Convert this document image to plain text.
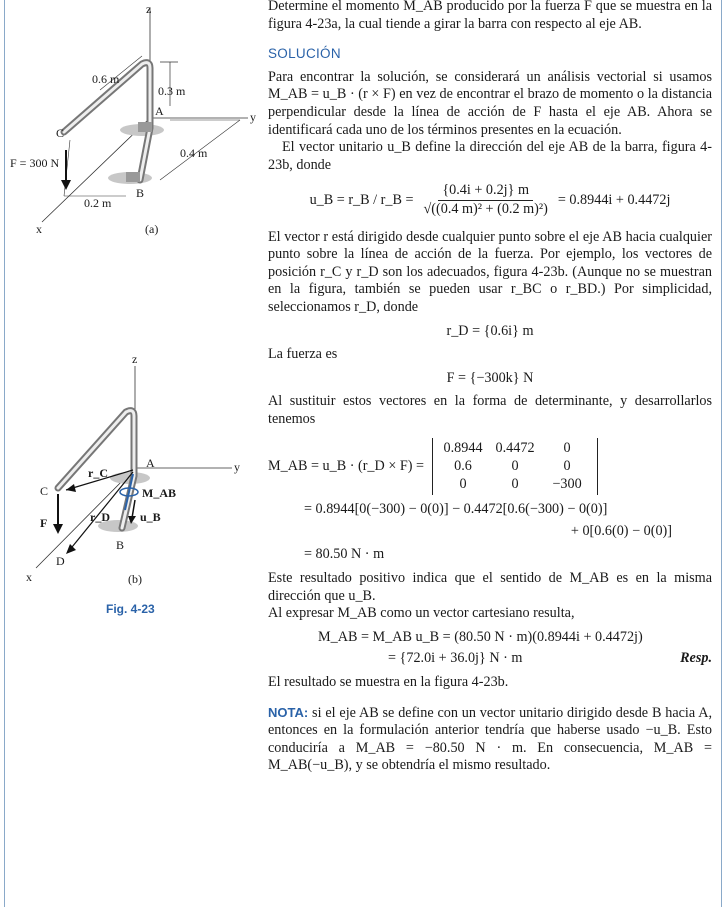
z
y
x
A
B
C
0.6 m
0.3 m
0.4 m
0.2 m
F = 300 N
(a)
z
y
x
A
B
C
D
r_C
r_D
M_AB
u_B
F
(b)
Fig. 4-23

Determine el momento M_AB producido por la fuerza F que se muestra en la figura 4-23a, la cual tiende a girar la barra con respecto al eje AB.

SOLUCIÓN

Para encontrar la solución, se considerará un análisis vectorial si usamos M_AB = u_B · (r × F) en vez de encontrar el brazo de momento o la distancia perpendicular desde la línea de acción de F hasta el eje AB. Ahora se identificará cada uno de los términos presentes en la ecuación.

El vector unitario u_B define la dirección del eje AB de la barra, figura 4-23b, donde

u_B = r_B / r_B = $\frac{\{0.4i + 0.2j\} m}{\text{√((0.4 m)² + (0.2 m)²)}} = 0.8944i + 0.4472j$

El vector r está dirigido desde cualquier punto sobre el eje AB hacia cualquier punto sobre la línea de acción de la fuerza. Por ejemplo, los vectores de posición r_C y r_D son los adecuados, figura 4-23b. (Aunque no se muestran en la figura, también se pueden usar r_BC o r_BD.) Por simplicidad, seleccionamos r_D, donde

r_D = {0.6i} m

La fuerza es

F = {−300k} N

Al sustituir estos vectores en la forma de determinante, y desarrollarlos tenemos

M_AB = u_B · (r_D × F) =
0.8944 0.4472	0
0.6	0	0
0	0	−300
= 0.8944[0(−300) − 0(0)] − 0.4472[0.6(−300) − 0(0)]
+ 0[0.6(0) − 0(0)]
= 80.50 N · m

Este resultado positivo indica que el sentido de M_AB es en la misma dirección que u_B.

Al expresar M_AB como un vector cartesiano resulta,

M_AB = M_AB u_B = (80.50 N · m)(0.8944i + 0.4472j)
= {72.0i + 36.0j} N · m	Resp.

El resultado se muestra en la figura 4-23b.

NOTA: si el eje AB se define con un vector unitario dirigido desde B hacia A, entonces en la formulación anterior tendría que haberse usado −u_B. Esto conduciría a M_AB = −80.50 N · m. En consecuencia, M_AB = M_AB(−u_B), y se obtendría el mismo resultado.
